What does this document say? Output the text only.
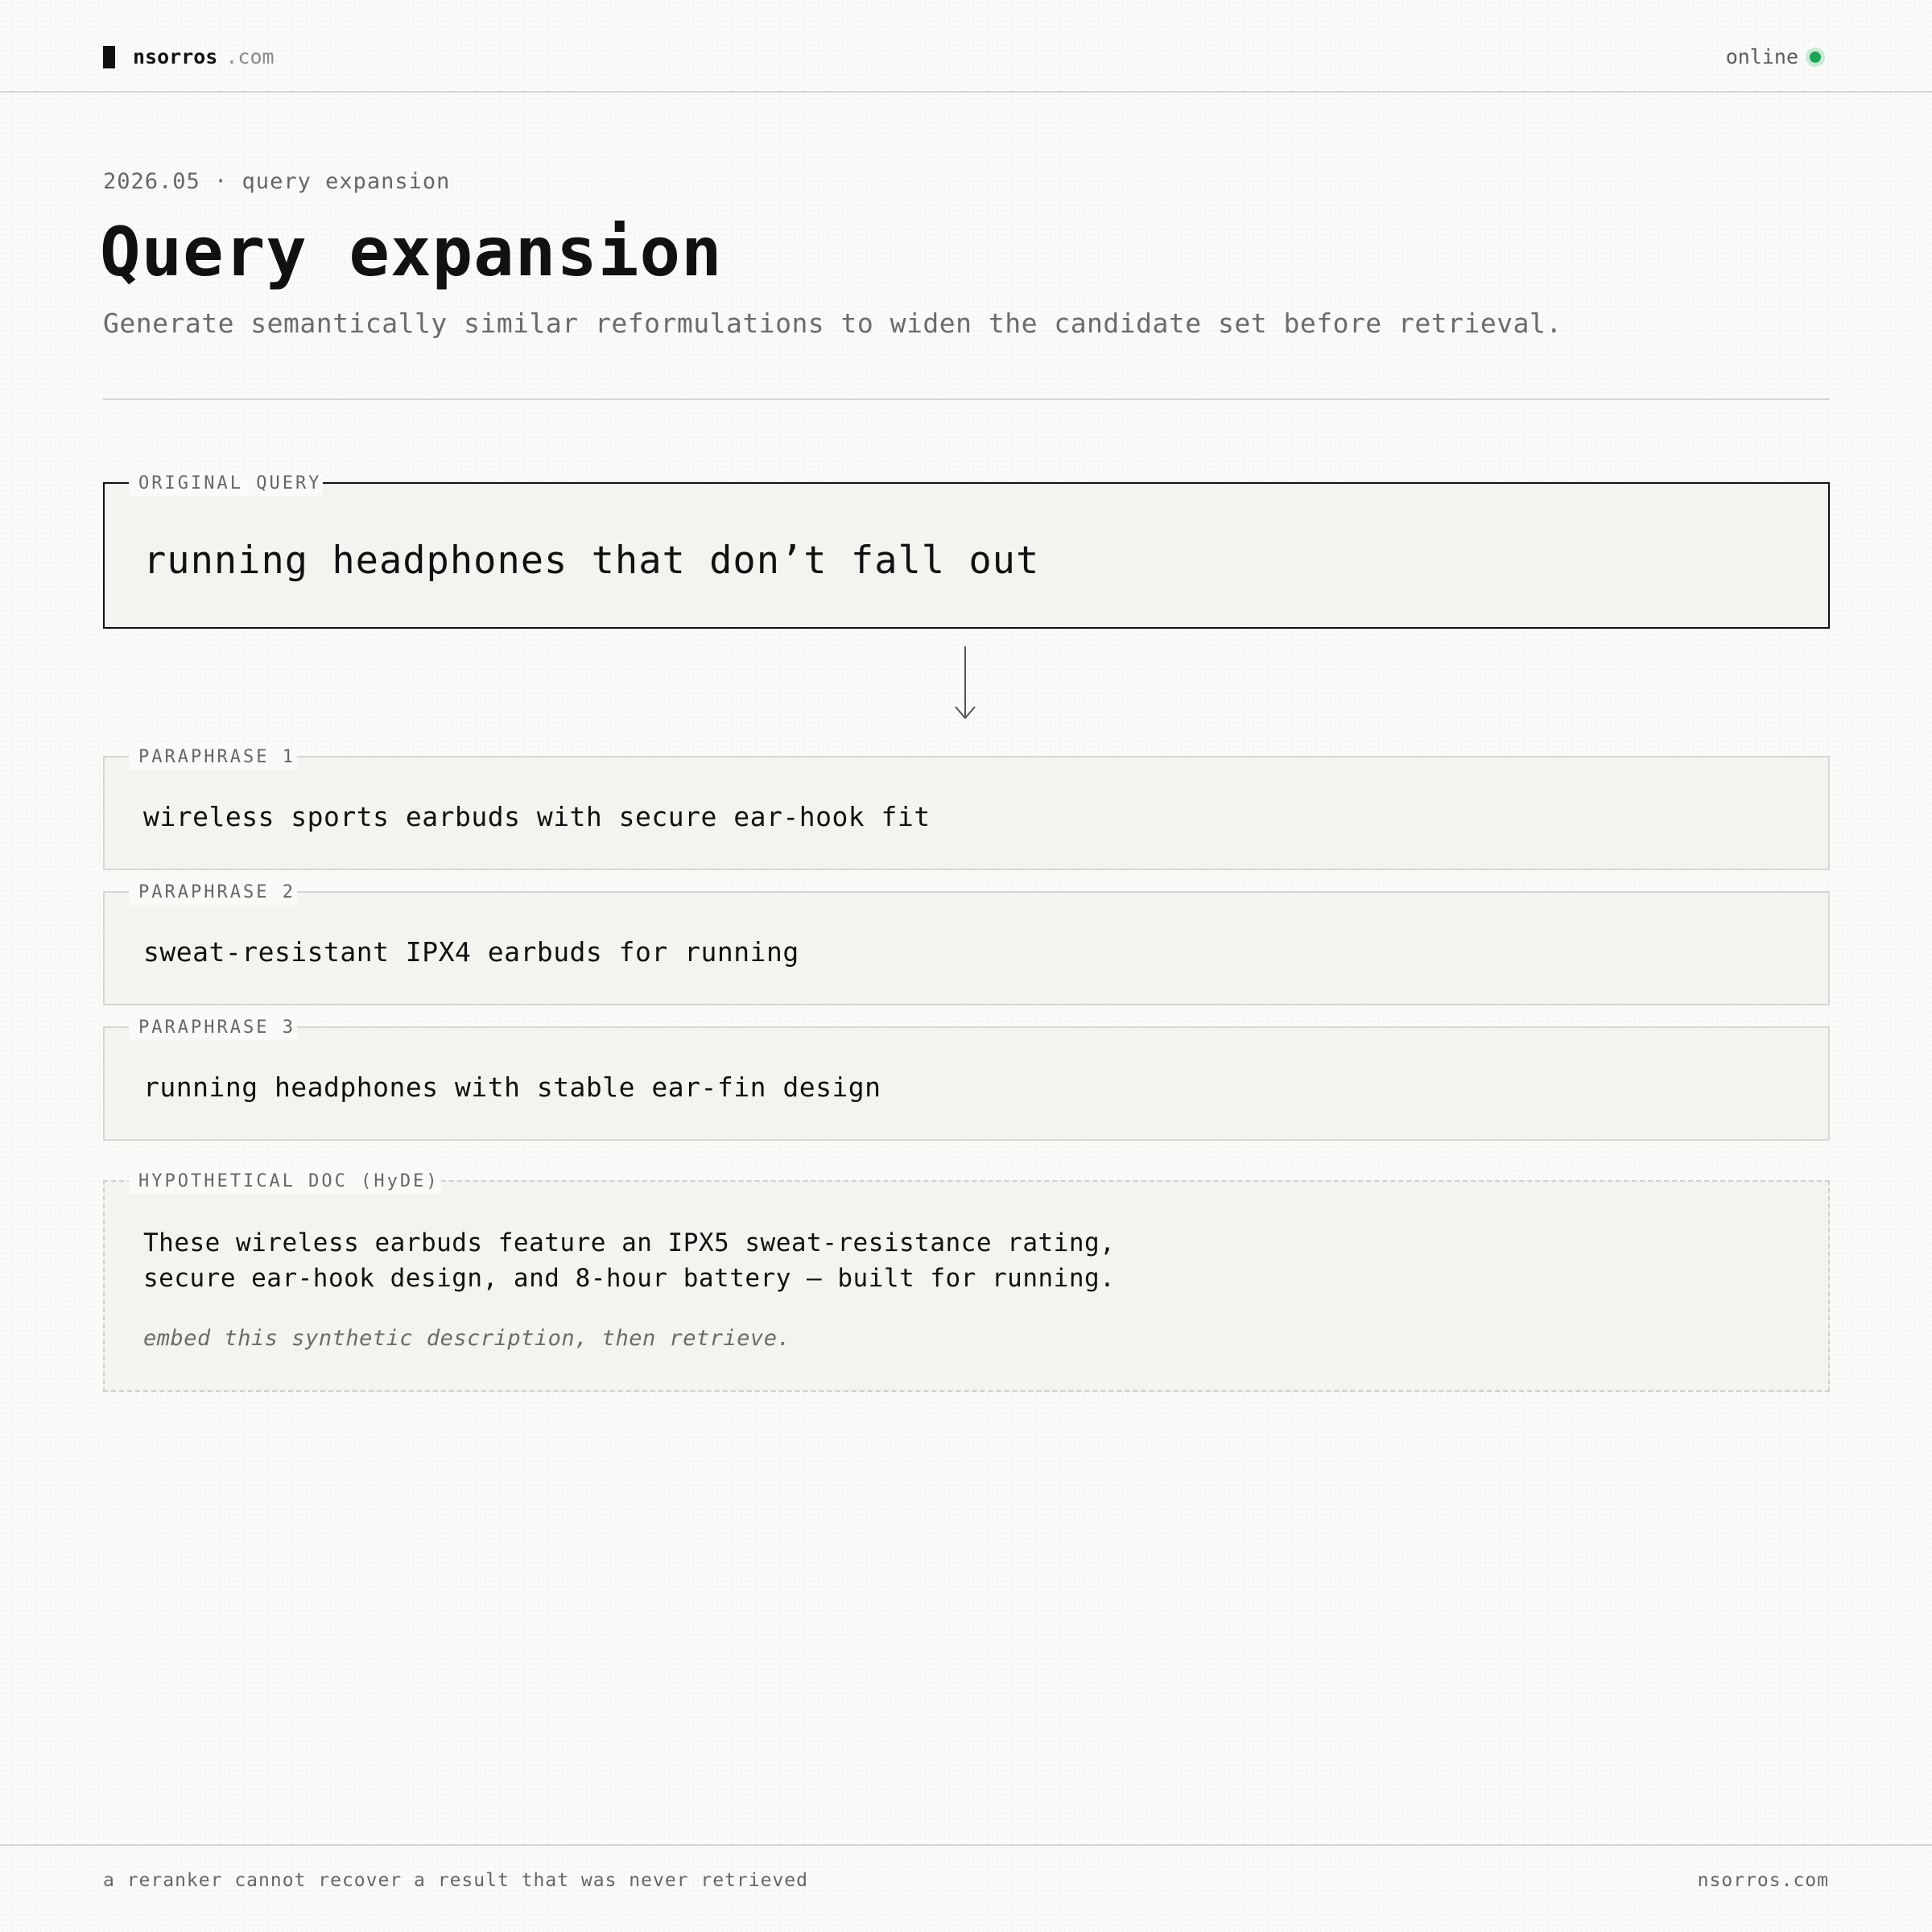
nsorros .com	online
2026.05 · query expansion
Query expansion
Generate semantically similar reformulations to widen the candidate set before retrieval.
ORIGINAL QUERY
running headphones that don’t fall out
PARAPHRASE 1
wireless sports earbuds with secure ear-hook fit
PARAPHRASE 2
sweat-resistant IPX4 earbuds for running
PARAPHRASE 3
running headphones with stable ear-fin design
HYPOTHETICAL DOC (HyDE)
These wireless earbuds feature an IPX5 sweat-resistance rating,
secure ear-hook design, and 8-hour battery — built for running.
embed this synthetic description, then retrieve.
a reranker cannot recover a result that was never retrieved	nsorros.com
